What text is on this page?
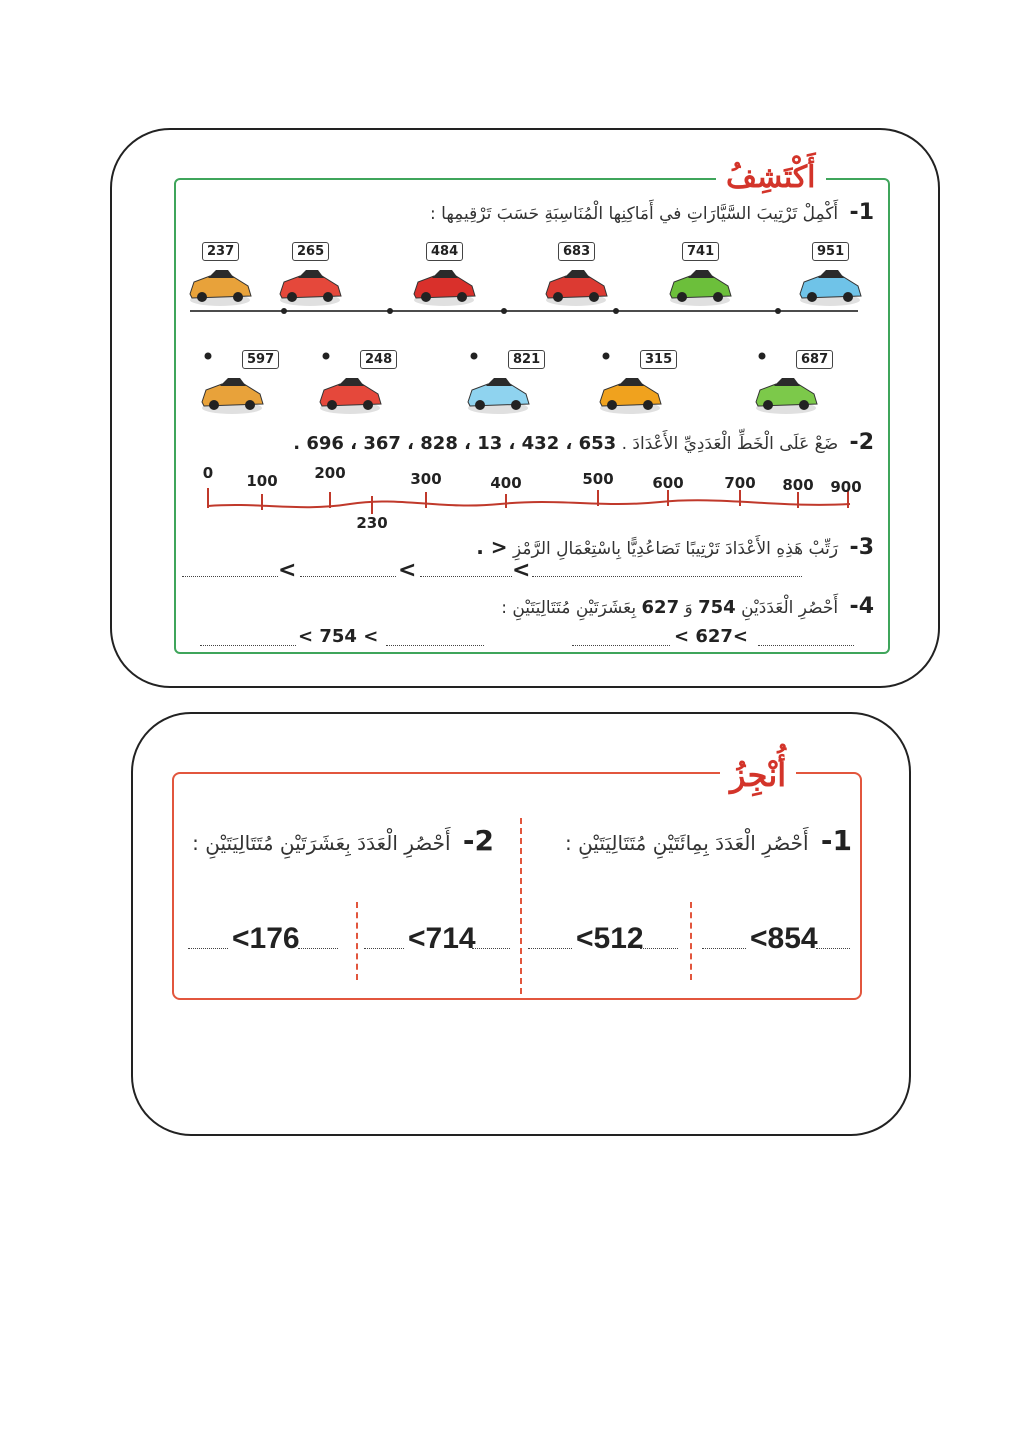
أَكْتَشِفُ
1- أَكْمِلْ تَرْتِيبَ السَّيَّارَاتِ في أَمَاكِنِها الْمُنَاسِبَةِ حَسَبَ تَرْقِيمِها :
237	265	484	683	741	951
597	248	821	315	687
2- ضَعْ عَلَى الْخَطِّ الْعَدَدِيِّ الأَعْدَادَ . 653 ، 432 ، 13 ، 828 ، 367 ، 696 .
0 100 200	300	400	500	600	700 800 900
230
3- رَتِّبْ هَذِهِ الأَعْدَادَ تَرْتِيبًا تَصَاعُدِيًّا بِاسْتِعْمَالِ الرَّمْزِ < .
<	<	<
4- أَحْصُرِ الْعَدَدَيْنِ 754 وَ 627 بِعَشَرَتَيْنِ مُتَتَالِيَتَيْنِ :
< 754 <	< 627<
أُنْجِزُ
1- أَحْصُرِ الْعَدَدَ بِمِائَتَيْنِ مُتَتَالِيَتَيْنِ :
2- أَحْصُرِ الْعَدَدَ بِعَشَرَتَيْنِ مُتَتَالِيَتَيْنِ :
<854
<512
<714
<176
